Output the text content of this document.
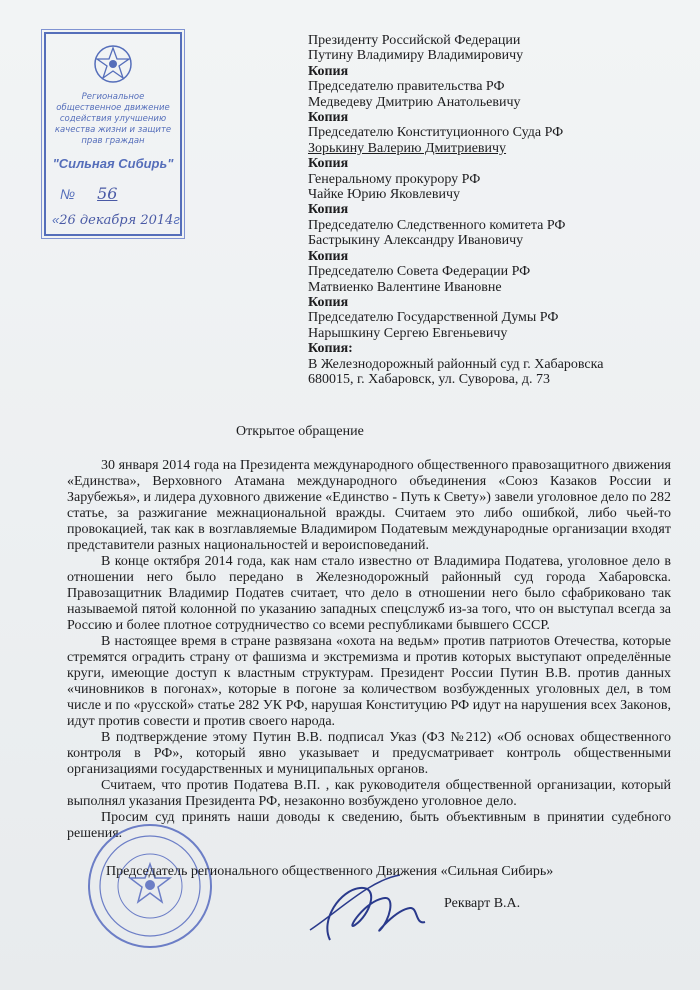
Региональное общественное движение содействия улучшению качества жизни и защите прав граждан
"Сильная Сибирь"
№ 56
«26 декабря 2014г.
Президенту Российской Федерации
Путину Владимиру Владимировичу
Копия
Председателю правительства РФ
Медведеву Дмитрию Анатольевичу
Копия
Председателю Конституционного Суда РФ
Зорькину Валерию Дмитриевичу
Копия
Генеральному прокурору РФ
Чайке Юрию Яковлевичу
Копия
Председателю Следственного комитета РФ
Бастрыкину Александру Ивановичу
Копия
Председателю Совета Федерации РФ
Матвиенко Валентине Ивановне
Копия
Председателю Государственной Думы РФ
Нарышкину Сергею Евгеньевичу
Копия:
В Железнодорожный районный суд г. Хабаровска
680015, г. Хабаровск, ул. Суворова, д. 73
Открытое обращение

30 января 2014 года на Президента международного общественного правозащитного движения «Единства», Верховного Атамана международного объединения «Союз Казаков России и Зарубежья», и лидера духовного движение «Единство - Путь к Свету») завели уголовное дело по 282 статье, за разжигание межнациональной вражды. Считаем это либо ошибкой, либо чьей-то провокацией, так как в возглавляемые Владимиром Податевым международные организации входят представители разных национальностей и вероисповеданий.

В конце октября 2014 года, как нам стало известно от Владимира Податева, уголовное дело в отношении него было передано в Железнодорожный районный суд города Хабаровска. Правозащитник Владимир Податев считает, что дело в отношении него было сфабриковано так называемой пятой колонной по указанию западных спецслужб из-за того, что он выступал всегда за Россию и более плотное сотрудничество со всеми республиками бывшего СССР.

В настоящее время в стране развязана «охота на ведьм» против патриотов Отечества, которые стремятся оградить страну от фашизма и экстремизма и против которых выступают определённые круги, имеющие доступ к властным структурам. Президент России Путин В.В. против данных «чиновников в погонах», которые в погоне за количеством возбужденных уголовных дел, в том числе и по «русской» статье 282 УК РФ, нарушая Конституцию РФ идут на нарушения всех Законов, идут против совести и против своего народа.

В подтверждение этому Путин В.В. подписал Указ (ФЗ №212) «Об основах общественного контроля в РФ», который явно указывает и предусматривает контроль общественными организациями государственных и муниципальных органов.

Считаем, что против Податева В.П. , как руководителя общественной организации, который выполнял указания Президента РФ, незаконно возбуждено уголовное дело.

Просим суд принять наши доводы к сведению, быть объективным в принятии судебного решения.

Председатель регионального общественного Движения «Сильная Сибирь»
Рекварт В.А.
